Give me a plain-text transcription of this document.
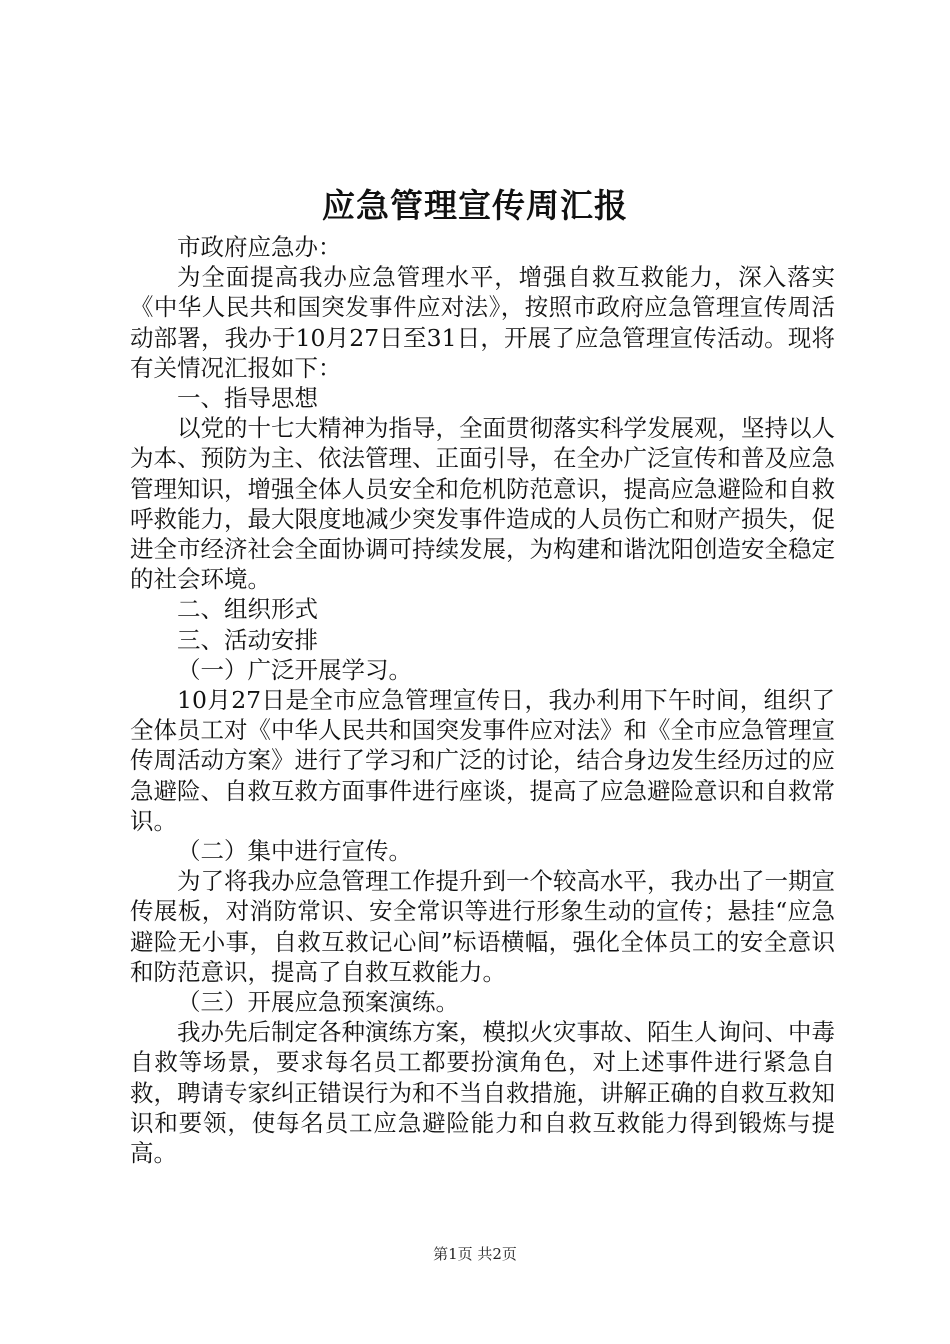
应急管理宣传周汇报

市政府应急办：

为全面提高我办应急管理水平，增强自救互救能力，深入落实《中华人民共和国突发事件应对法》，按照市政府应急管理宣传周活动部署，我办于10月27日至31日，开展了应急管理宣传活动。现将有关情况汇报如下：

一、指导思想

以党的十七大精神为指导，全面贯彻落实科学发展观，坚持以人为本、预防为主、依法管理、正面引导，在全办广泛宣传和普及应急管理知识，增强全体人员安全和危机防范意识，提高应急避险和自救呼救能力，最大限度地减少突发事件造成的人员伤亡和财产损失，促进全市经济社会全面协调可持续发展，为构建和谐沈阳创造安全稳定的社会环境。

二、组织形式

三、活动安排

（一）广泛开展学习。

10月27日是全市应急管理宣传日，我办利用下午时间，组织了全体员工对《中华人民共和国突发事件应对法》和《全市应急管理宣传周活动方案》进行了学习和广泛的讨论，结合身边发生经历过的应急避险、自救互救方面事件进行座谈，提高了应急避险意识和自救常识。

（二）集中进行宣传。

为了将我办应急管理工作提升到一个较高水平，我办出了一期宣传展板，对消防常识、安全常识等进行形象生动的宣传；悬挂“应急避险无小事，自救互救记心间”标语横幅，强化全体员工的安全意识和防范意识，提高了自救互救能力。

（三）开展应急预案演练。

我办先后制定各种演练方案，模拟火灾事故、陌生人询问、中毒自救等场景，要求每名员工都要扮演角色，对上述事件进行紧急自救，聘请专家纠正错误行为和不当自救措施，讲解正确的自救互救知识和要领，使每名员工应急避险能力和自救互救能力得到锻炼与提高。

第1页 共2页
